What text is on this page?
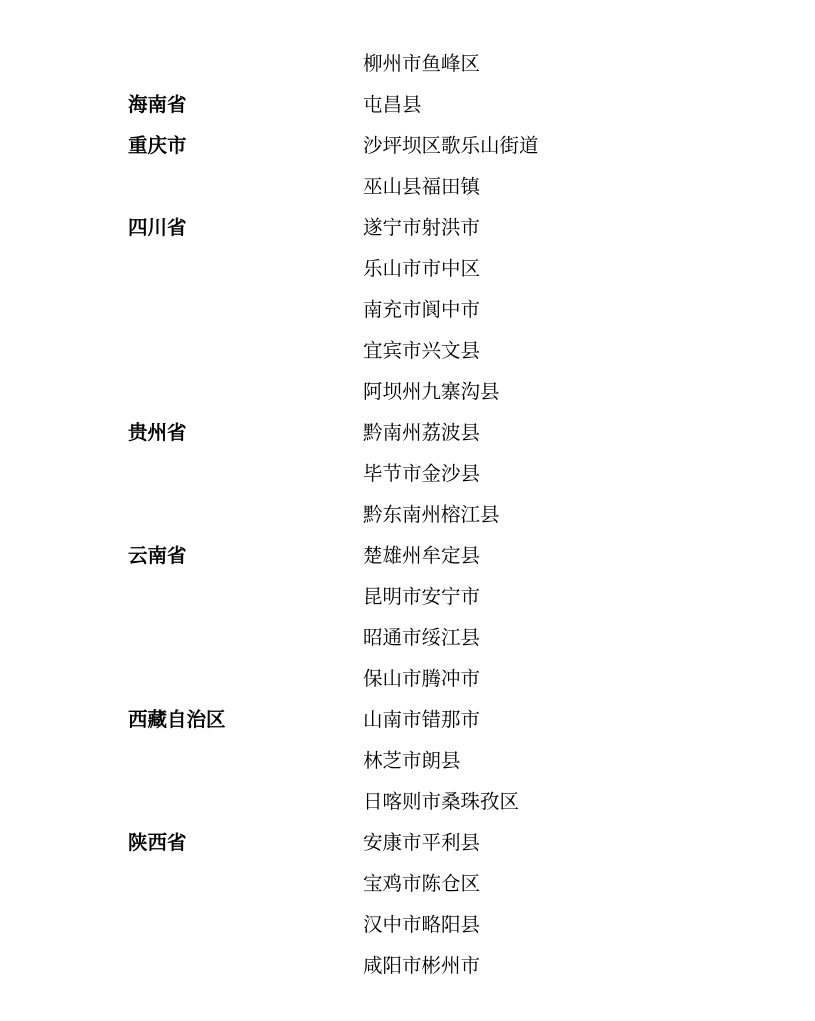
柳州市鱼峰区
海南省	屯昌县
重庆市	沙坪坝区歌乐山街道
巫山县福田镇
四川省	遂宁市射洪市
乐山市市中区
南充市阆中市
宜宾市兴文县
阿坝州九寨沟县
贵州省	黔南州荔波县
毕节市金沙县
黔东南州榕江县
云南省	楚雄州牟定县
昆明市安宁市
昭通市绥江县
保山市腾冲市
西藏自治区	山南市错那市
林芝市朗县
日喀则市桑珠孜区
陕西省	安康市平利县
宝鸡市陈仓区
汉中市略阳县
咸阳市彬州市
